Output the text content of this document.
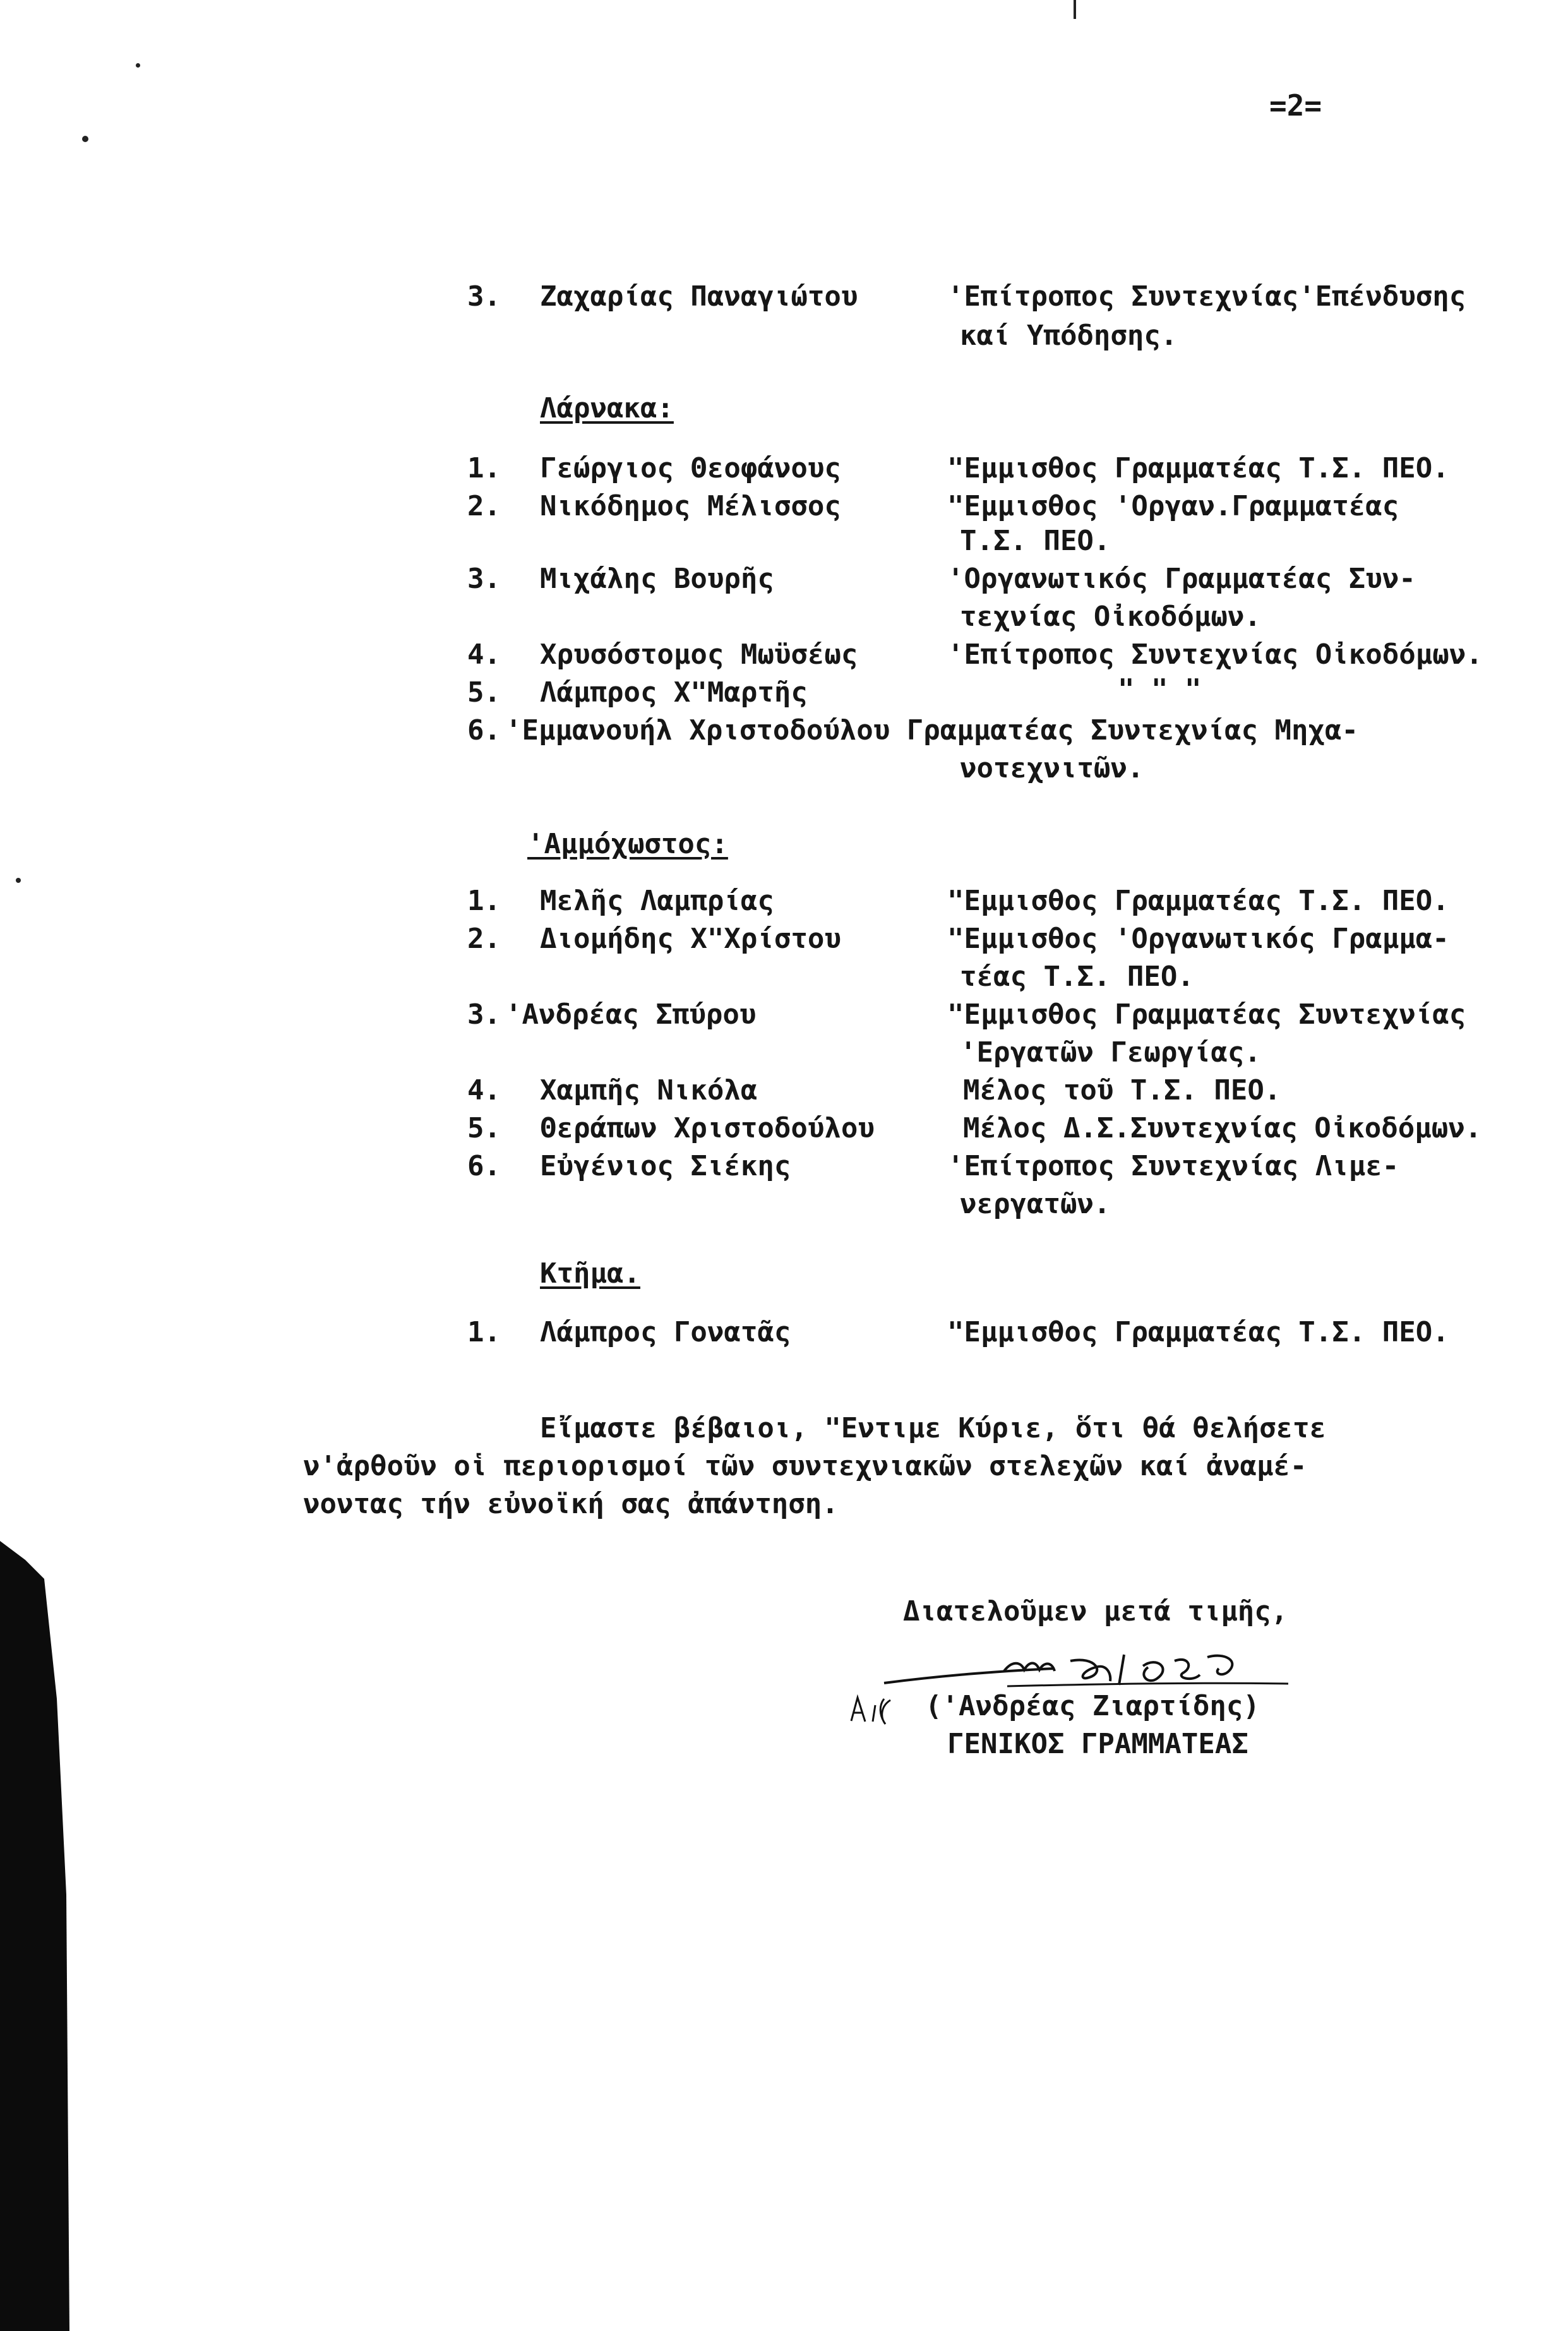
=2=
3. Ζαχαρίας Παναγιώτου	'Επίτροπος Συντεχνίας'Επένδυσης
καί Υπόδησης.
Λάρνακα:
1. Γεώργιος Θεοφάνους	"Εμμισθος Γραμματέας Τ.Σ. ΠΕΟ.
2. Νικόδημος Μέλισσος	"Εμμισθος 'Οργαν.Γραμματέας
Τ.Σ. ΠΕΟ.
3. Μιχάλης Βουρῆς	'Οργανωτικός Γραμματέας Συν-
τεχνίας Οἰκοδόμων.
4. Χρυσόστομος Μωϋσέως	'Επίτροπος Συντεχνίας Οἰκοδόμων.
5. Λάμπρος Χ"Μαρτῆς	" " "
6. 'Εμμανουήλ Χριστοδούλου Γραμματέας Συντεχνίας Μηχα-
νοτεχνιτῶν.
'Αμμόχωστος:
1. Μελῆς Λαμπρίας	"Εμμισθος Γραμματέας Τ.Σ. ΠΕΟ.
2. Διομήδης Χ"Χρίστου	"Εμμισθος 'Οργανωτικός Γραμμα-
τέας Τ.Σ. ΠΕΟ.
3. 'Ανδρέας Σπύρου	"Εμμισθος Γραμματέας Συντεχνίας
'Εργατῶν Γεωργίας.
4. Χαμπῆς Νικόλα	Μέλος τοῦ Τ.Σ. ΠΕΟ.
5. Θεράπων Χριστοδούλου	Μέλος Δ.Σ.Συντεχνίας Οἰκοδόμων.
6. Εὐγένιος Σιέκης	'Επίτροπος Συντεχνίας Λιμε-
νεργατῶν.
Κτῆμα.
1. Λάμπρος Γονατᾶς	"Εμμισθος Γραμματέας Τ.Σ. ΠΕΟ.
Εἴμαστε βέβαιοι, "Εντιμε Κύριε, ὅτι θά θελήσετε
ν'ἀρθοῦν οἱ περιορισμοί τῶν συντεχνιακῶν στελεχῶν καί ἀναμέ-
νοντας τήν εὐνοϊκή σας ἀπάντηση.
Διατελοῦμεν μετά τιμῆς,
('Ανδρέας Ζιαρτίδης)
ΓΕΝΙΚΟΣ ΓΡΑΜΜΑΤΕΑΣ
